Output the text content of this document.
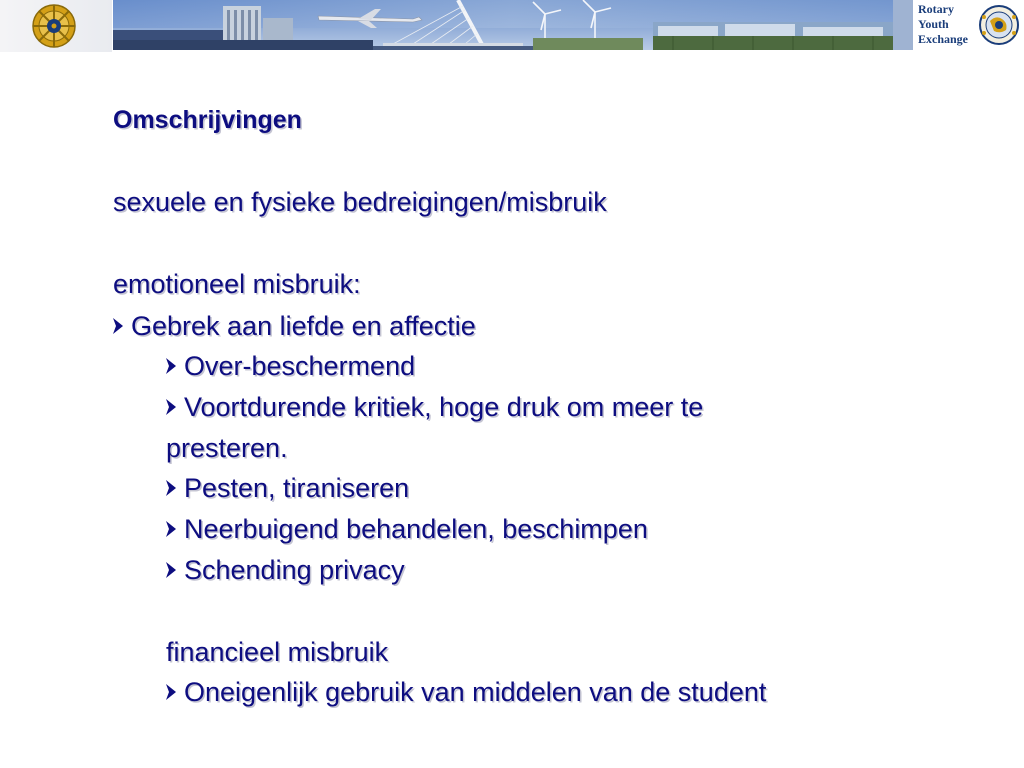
Rotary
Youth
Exchange
Omschrijvingen
sexuele en fysieke bedreigingen/misbruik
emotioneel misbruik:
Gebrek aan liefde en affectie
Over-beschermend
Voortdurende kritiek, hoge druk om meer te
presteren.
Pesten, tiraniseren
Neerbuigend behandelen, beschimpen
Schending privacy
financieel misbruik
Oneigenlijk gebruik van middelen van de student
